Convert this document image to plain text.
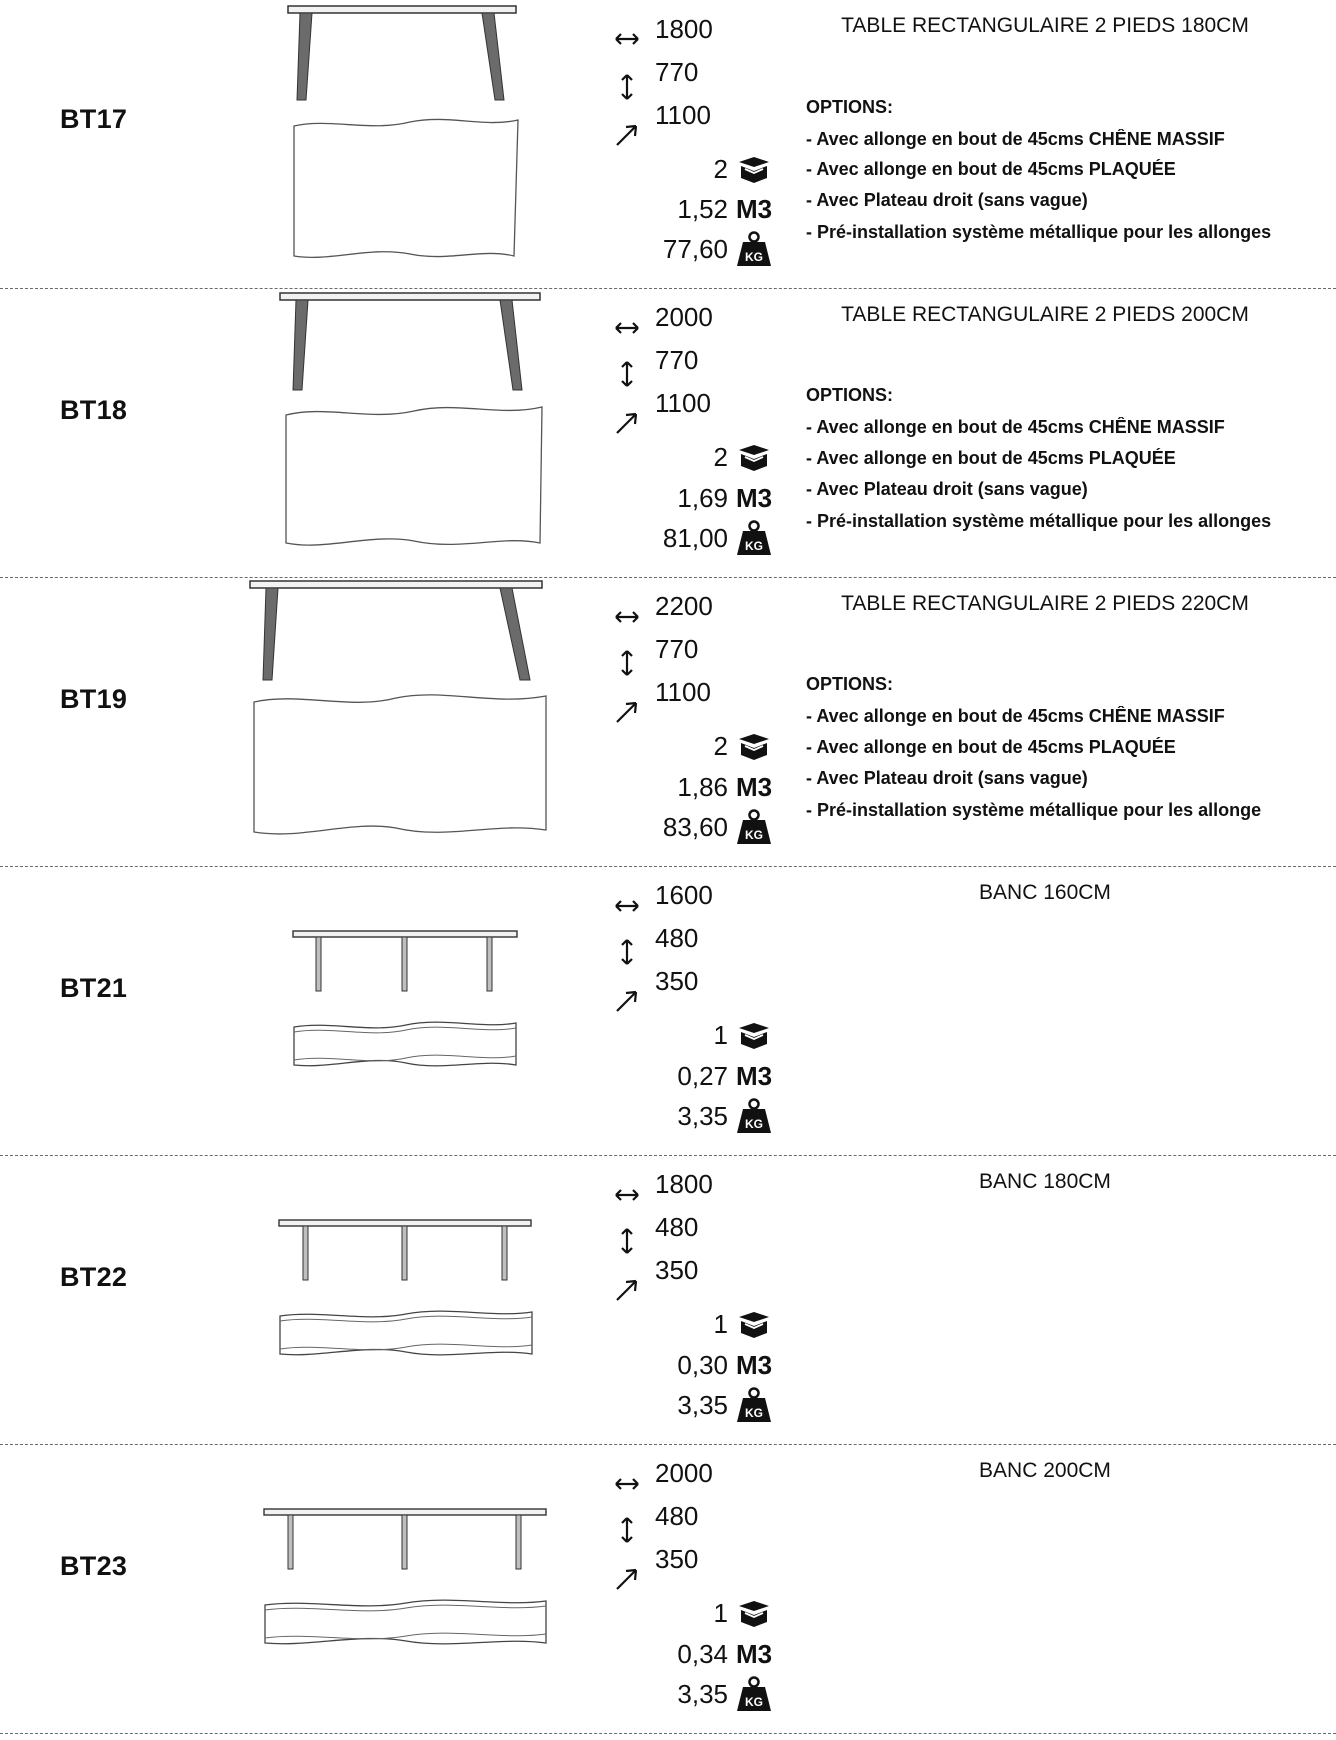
BT17
1800
770
1100
2
1,52 M3
77,60 KG
TABLE RECTANGULAIRE 2 PIEDS 180CM
OPTIONS:
- Avec allonge en bout de 45cms CHÊNE MASSIF
- Avec allonge en bout de 45cms PLAQUÉE
- Avec Plateau droit (sans vague)
- Pré-installation système métallique pour les allonges
BT18
2000
770
1100
2
1,69 M3
81,00 KG
TABLE RECTANGULAIRE 2 PIEDS 200CM
OPTIONS:
- Avec allonge en bout de 45cms CHÊNE MASSIF
- Avec allonge en bout de 45cms PLAQUÉE
- Avec Plateau droit (sans vague)
- Pré-installation système métallique pour les allonges
BT19
2200
770
1100
2
1,86 M3
83,60 KG
TABLE RECTANGULAIRE 2 PIEDS 220CM
OPTIONS:
- Avec allonge en bout de 45cms CHÊNE MASSIF
- Avec allonge en bout de 45cms PLAQUÉE
- Avec Plateau droit (sans vague)
- Pré-installation système métallique pour les allonge
BT21
1600
480
350
1
0,27 M3
3,35 KG
BANC 160CM
BT22
1800
480
350
1
0,30 M3
3,35 KG
BANC 180CM
BT23
2000
480
350
1
0,34 M3
3,35 KG
BANC 200CM
